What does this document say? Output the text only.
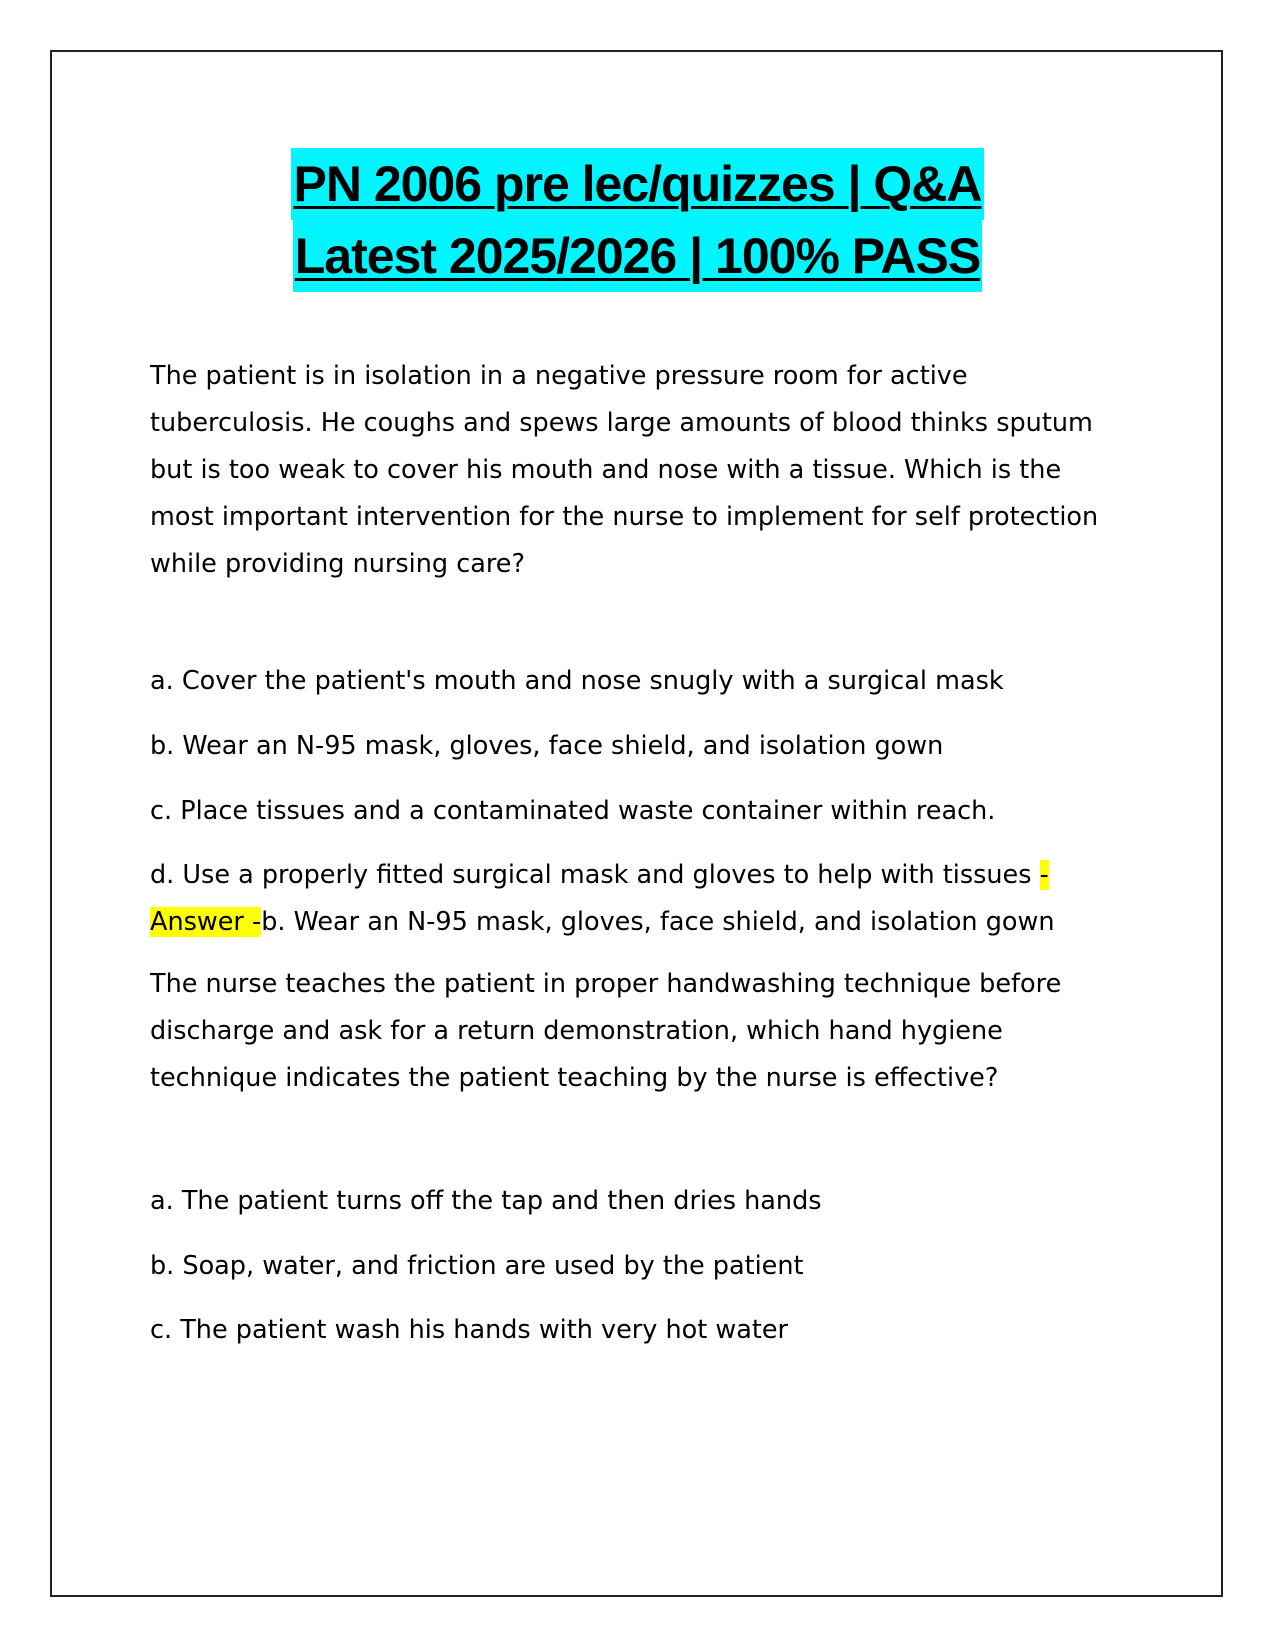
PN 2006 pre lec/quizzes | Q&A
Latest 2025/2026 | 100% PASS

The patient is in isolation in a negative pressure room for active tuberculosis. He coughs and spews large amounts of blood thinks sputum but is too weak to cover his mouth and nose with a tissue. Which is the most important intervention for the nurse to implement for self protection while providing nursing care?

a. Cover the patient's mouth and nose snugly with a surgical mask

b. Wear an N-95 mask, gloves, face shield, and isolation gown

c. Place tissues and a contaminated waste container within reach.

d. Use a properly fitted surgical mask and gloves to help with tissues - Answer -b. Wear an N-95 mask, gloves, face shield, and isolation gown

The nurse teaches the patient in proper handwashing technique before discharge and ask for a return demonstration, which hand hygiene technique indicates the patient teaching by the nurse is effective?

a. The patient turns off the tap and then dries hands

b. Soap, water, and friction are used by the patient

c. The patient wash his hands with very hot water
